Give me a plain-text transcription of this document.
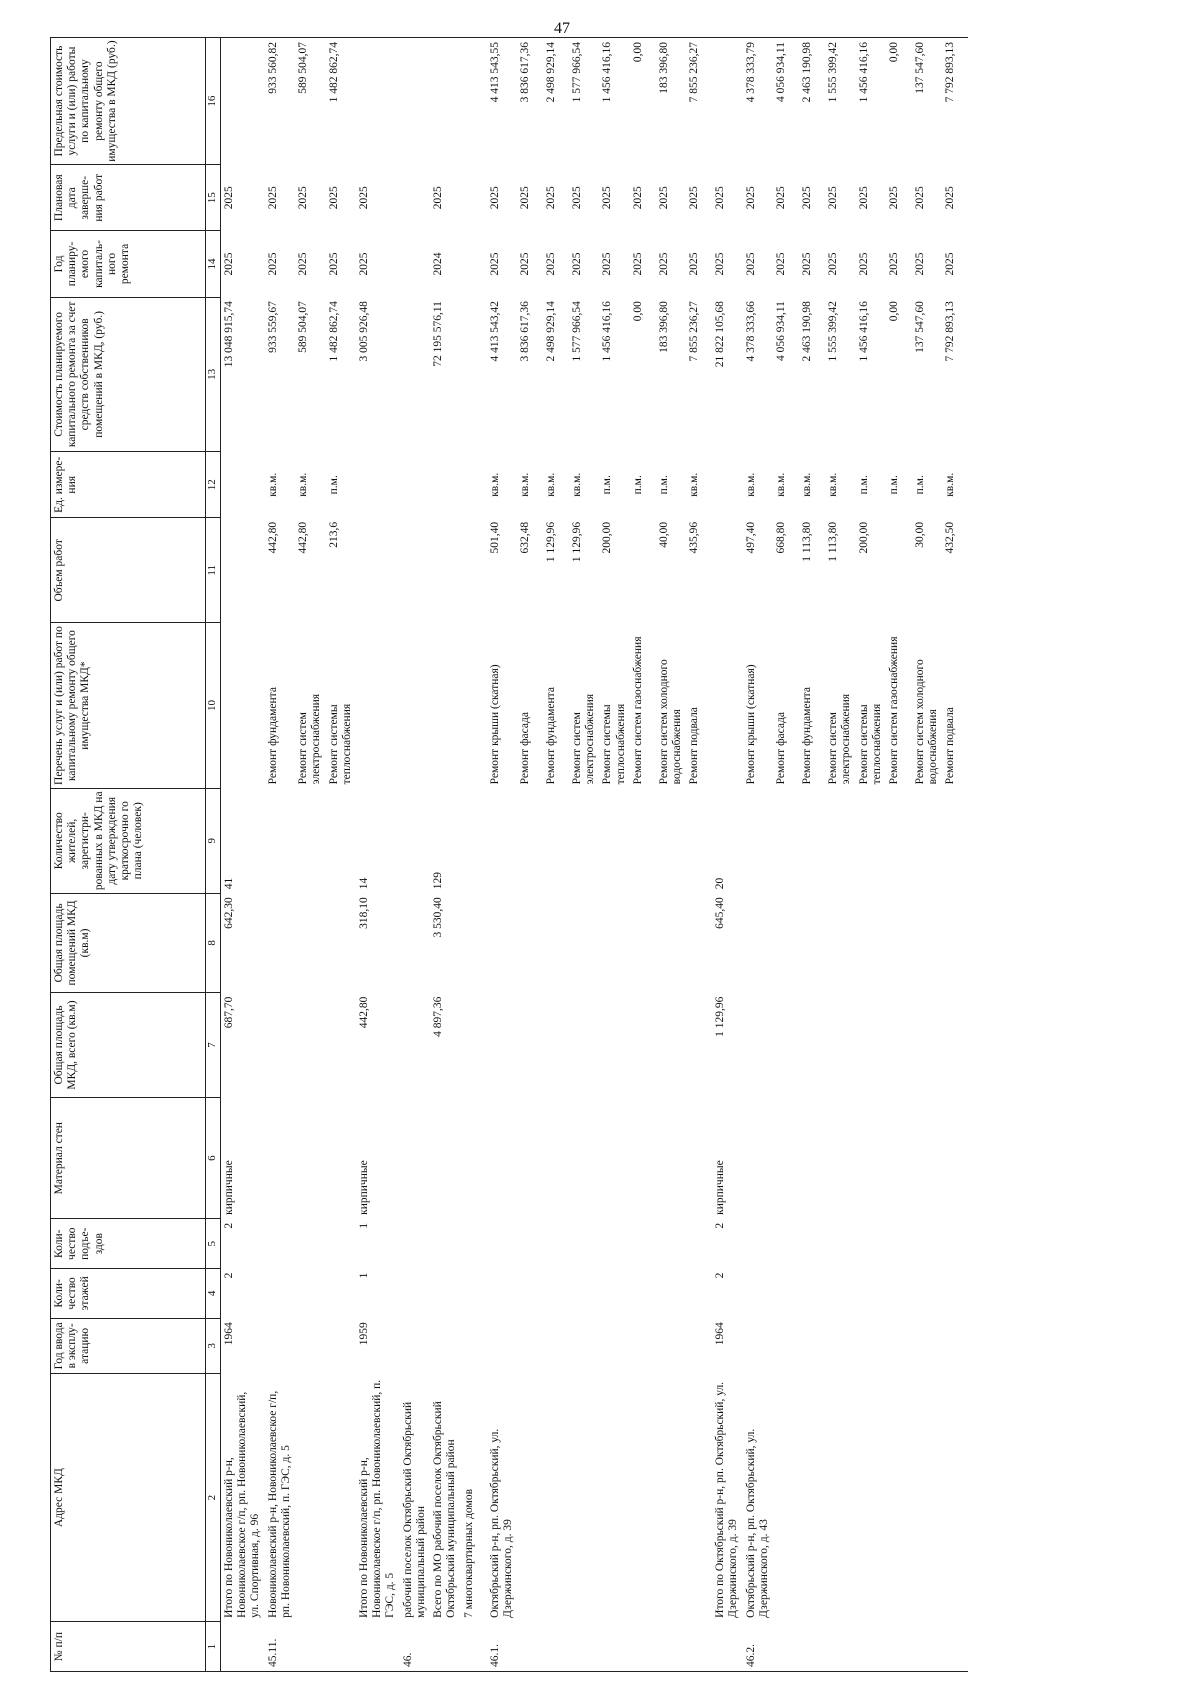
47
№ п/п	Адрес МКД	Год ввода в эксплу-атацию	Коли-чество этажей	Коли-чество подъе-здов	Материал стен	Общая площадь МКД, всего (кв.м)	Общая площадь помещений МКД (кв.м)	Количество жителей, зарегистри-рованных в МКД на дату утверждения краткосрочно го плана (человек)	Перечень услуг и (или) работ по капитальному ремонту общего имущества МКД*	Объем работ	Ед. измере-ния	Стоимость планируемого капитального ремонта за счет средств собственников помещений в МКД, (руб.)	Год планиру-емого капиталь-ного ремонта	Плановая дата заверше-ния работ	Предельная стоимость услуги и (или) работы по капитальному ремонту общего имущества в МКД (руб.)
1	2	3	4	5	6	7	8	9	10	11	12	13	14	15	16
	Итого по Новониколаевский р-н, Новониколаевское г/п, рп. Новониколаевский, ул. Спортивная, д. 96	1964	2	2	кирпичные	687,70	642,30	41				13 048 915,74	2025	2025	
45.11.	Новониколаевский р-н, Новониколаевское г/п, рп. Новониколаевский, п. ГЭС, д. 5								Ремонт фундамента	442,80	кв.м.	933 559,67	2025	2025	933 560,82
									Ремонт систем электроснабжения	442,80	кв.м.	589 504,07	2025	2025	589 504,07
									Ремонт системы теплоснабжения	213,6	п.м.	1 482 862,74	2025	2025	1 482 862,74
	Итого по Новониколаевский р-н, Новониколаевское г/п, рп. Новониколаевский, п. ГЭС, д. 5	1959	1	1	кирпичные	442,80	318,10	14				3 005 926,48	2025	2025	
46.	рабочий поселок Октябрьский Октябрьский муниципальный район														
	Всего по МО рабочий поселок Октябрьский Октябрьский муниципальный район					4 897,36	3 530,40	129				72 195 576,11	2024	2025	
	7 многоквартирных домов														
46.1.	Октябрьский р-н, рп. Октябрьский, ул. Дзержинского, д. 39								Ремонт крыши (скатная)	501,40	кв.м.	4 413 543,42	2025	2025	4 413 543,55
									Ремонт фасада	632,48	кв.м.	3 836 617,36	2025	2025	3 836 617,36
									Ремонт фундамента	1 129,96	кв.м.	2 498 929,14	2025	2025	2 498 929,14
									Ремонт систем электроснабжения	1 129,96	кв.м.	1 577 966,54	2025	2025	1 577 966,54
									Ремонт системы теплоснабжения	200,00	п.м.	1 456 416,16	2025	2025	1 456 416,16
									Ремонт систем газоснабжения		п.м.	0,00	2025	2025	0,00
									Ремонт систем холодного водоснабжения	40,00	п.м.	183 396,80	2025	2025	183 396,80
									Ремонт подвала	435,96	кв.м.	7 855 236,27	2025	2025	7 855 236,27
	Итого по Октябрьский р-н, рп. Октябрьский, ул. Дзержинского, д. 39	1964	2	2	кирпичные	1 129,96	645,40	20				21 822 105,68	2025	2025	
46.2.	Октябрьский р-н, рп. Октябрьский, ул. Дзержинского, д. 43								Ремонт крыши (скатная)	497,40	кв.м.	4 378 333,66	2025	2025	4 378 333,79
									Ремонт фасада	668,80	кв.м.	4 056 934,11	2025	2025	4 056 934,11
									Ремонт фундамента	1 113,80	кв.м.	2 463 190,98	2025	2025	2 463 190,98
									Ремонт систем электроснабжения	1 113,80	кв.м.	1 555 399,42	2025	2025	1 555 399,42
									Ремонт системы теплоснабжения	200,00	п.м.	1 456 416,16	2025	2025	1 456 416,16
									Ремонт систем газоснабжения		п.м.	0,00	2025	2025	0,00
									Ремонт систем холодного водоснабжения	30,00	п.м.	137 547,60	2025	2025	137 547,60
									Ремонт подвала	432,50	кв.м.	7 792 893,13	2025	2025	7 792 893,13
